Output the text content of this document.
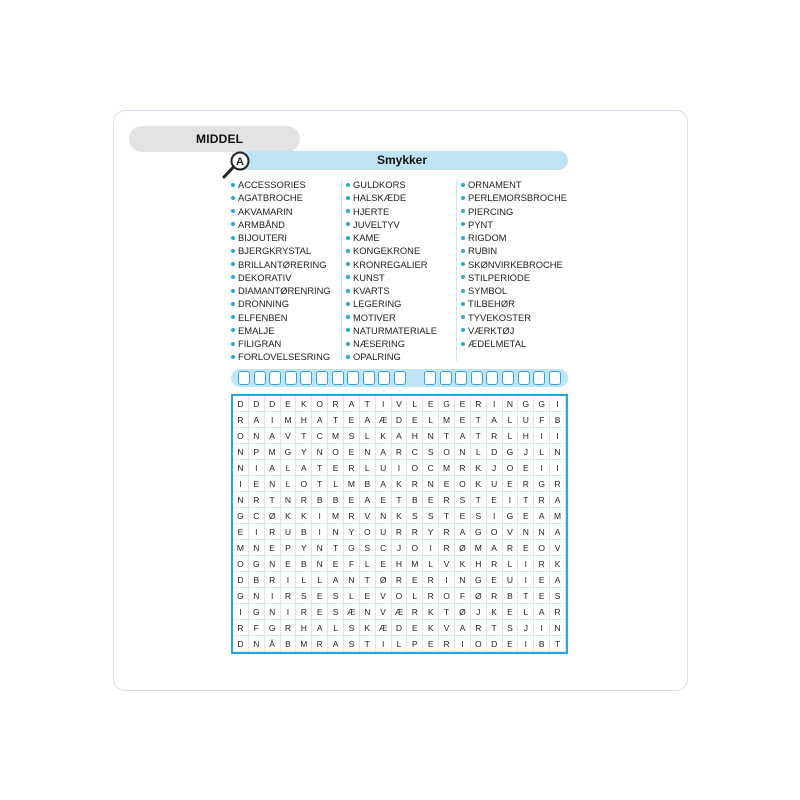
MIDDEL
Smykker
A
ACCESSORIES
AGATBROCHE
AKVAMARIN
ARMBÅND
BIJOUTERI
BJERGKRYSTAL
BRILLANTØRERING
DEKORATIV
DIAMANTØRENRING
DRONNING
ELFENBEN
EMALJE
FILIGRAN
FORLOVELSESRING
GULDKORS
HALSKÆDE
HJERTE
JUVELTYV
KAME
KONGEKRONE
KRONREGALIER
KUNST
KVARTS
LEGERING
MOTIVER
NATURMATERIALE
NÆSERING
OPALRING
ORNAMENT
PERLEMORSBROCHE
PIERCING
PYNT
RIGDOM
RUBIN
SKØNVIRKEBROCHE
STILPERIODE
SYMBOL
TILBEHØR
TYVEKOSTER
VÆRKTØJ
ÆDELMETAL
D	D	D	E	K	O	R	A	T	I	V	L	E	G	E	R	I	N	G	G	I
R	A	I	M	H	A	T	E	A	Æ	D	E	L	M	E	T	A	L	U	F	B
O	N	A	V	T	C	M	S	L	K	A	H	N	T	A	T	R	L	H	I	I
N	P	M	G	Y	N	O	E	N	A	R	C	S	O	N	L	D	G	J	L	N
N	I	A	L	A	T	E	R	L	U	I	O	C	M	R	K	J	O	E	I	I
I	E	N	L	O	T	L	M	B	A	K	R	N	E	O	K	U	E	R	G	R
N	R	T	N	R	B	B	E	A	E	T	B	E	R	S	T	E	I	T	R	A
G	C	Ø	K	K	I	M	R	V	N	K	S	S	T	E	S	I	G	E	A	M
E	I	R	U	B	I	N	Y	O	U	R	R	Y	R	A	G	O	V	N	N	A
M	N	E	P	Y	N	T	G	S	C	J	O	I	R	Ø	M	A	R	E	O	V
O	G	N	E	B	N	E	F	L	E	H	M	L	V	K	H	R	L	I	R	K
D	B	R	I	L	L	A	N	T	Ø	R	E	R	I	N	G	E	U	I	E	A
G	N	I	R	S	E	S	L	E	V	O	L	R	O	F	Ø	R	B	T	E	S
I	G	N	I	R	E	S	Æ	N	V	Æ	R	K	T	Ø	J	K	E	L	A	R
R	F	G	R	H	A	L	S	K	Æ	D	E	K	V	A	R	T	S	J	I	N
D	N	Å	B	M	R	A	S	T	I	L	P	E	R	I	O	D	E	I	B	T
